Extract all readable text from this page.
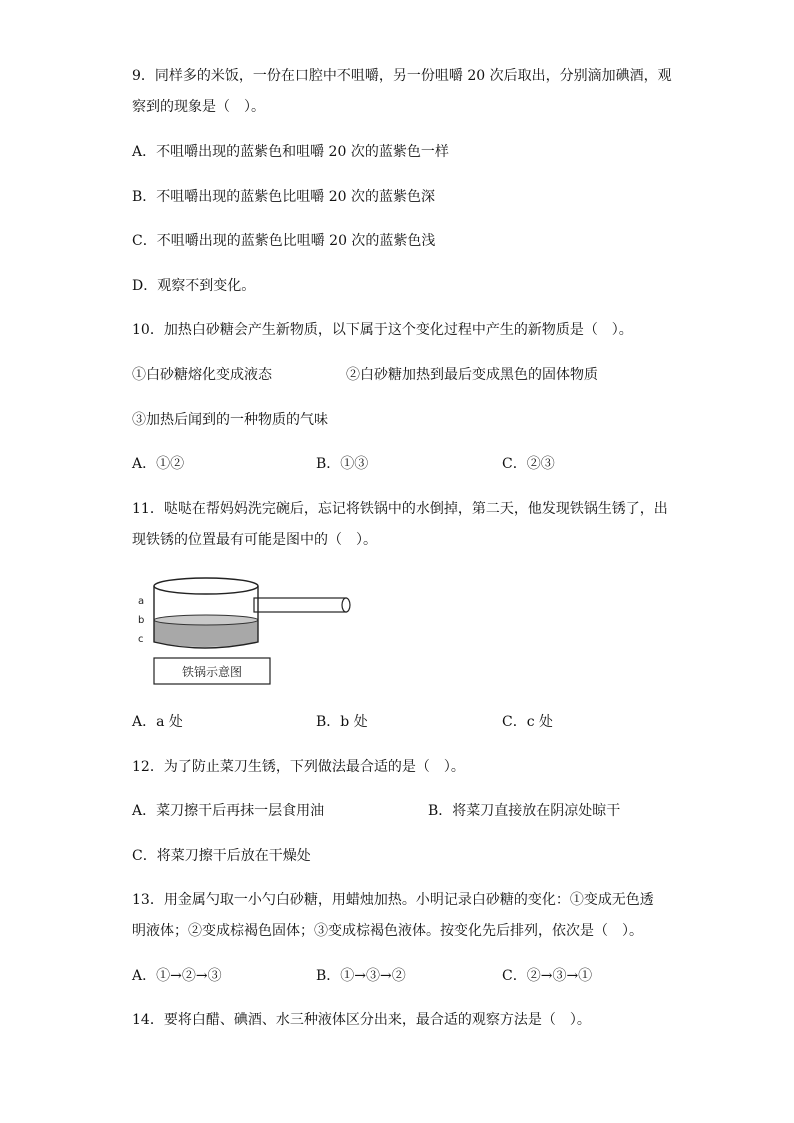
9．同样多的米饭，一份在口腔中不咀嚼，另一份咀嚼 20 次后取出，分别滴加碘酒，观
察到的现象是（　）。
A．不咀嚼出现的蓝紫色和咀嚼 20 次的蓝紫色一样
B．不咀嚼出现的蓝紫色比咀嚼 20 次的蓝紫色深
C．不咀嚼出现的蓝紫色比咀嚼 20 次的蓝紫色浅
D．观察不到变化。
10．加热白砂糖会产生新物质，以下属于这个变化过程中产生的新物质是（　）。
①白砂糖熔化变成液态	②白砂糖加热到最后变成黑色的固体物质
③加热后闻到的一种物质的气味
A．①②	B．①③	C．②③
11．哒哒在帮妈妈洗完碗后，忘记将铁锅中的水倒掉，第二天，他发现铁锅生锈了，出
现铁锈的位置最有可能是图中的（　）。
a
b
c
铁锅示意图
A．a 处	B．b 处	C．c 处
12．为了防止菜刀生锈，下列做法最合适的是（　）。
A．菜刀擦干后再抹一层食用油	B．将菜刀直接放在阴凉处晾干
C．将菜刀擦干后放在干燥处
13．用金属勺取一小勺白砂糖，用蜡烛加热。小明记录白砂糖的变化：①变成无色透
明液体；②变成棕褐色固体；③变成棕褐色液体。按变化先后排列，依次是（　）。
A．①→②→③	B．①→③→②	C．②→③→①
14．要将白醋、碘酒、水三种液体区分出来，最合适的观察方法是（　）。
